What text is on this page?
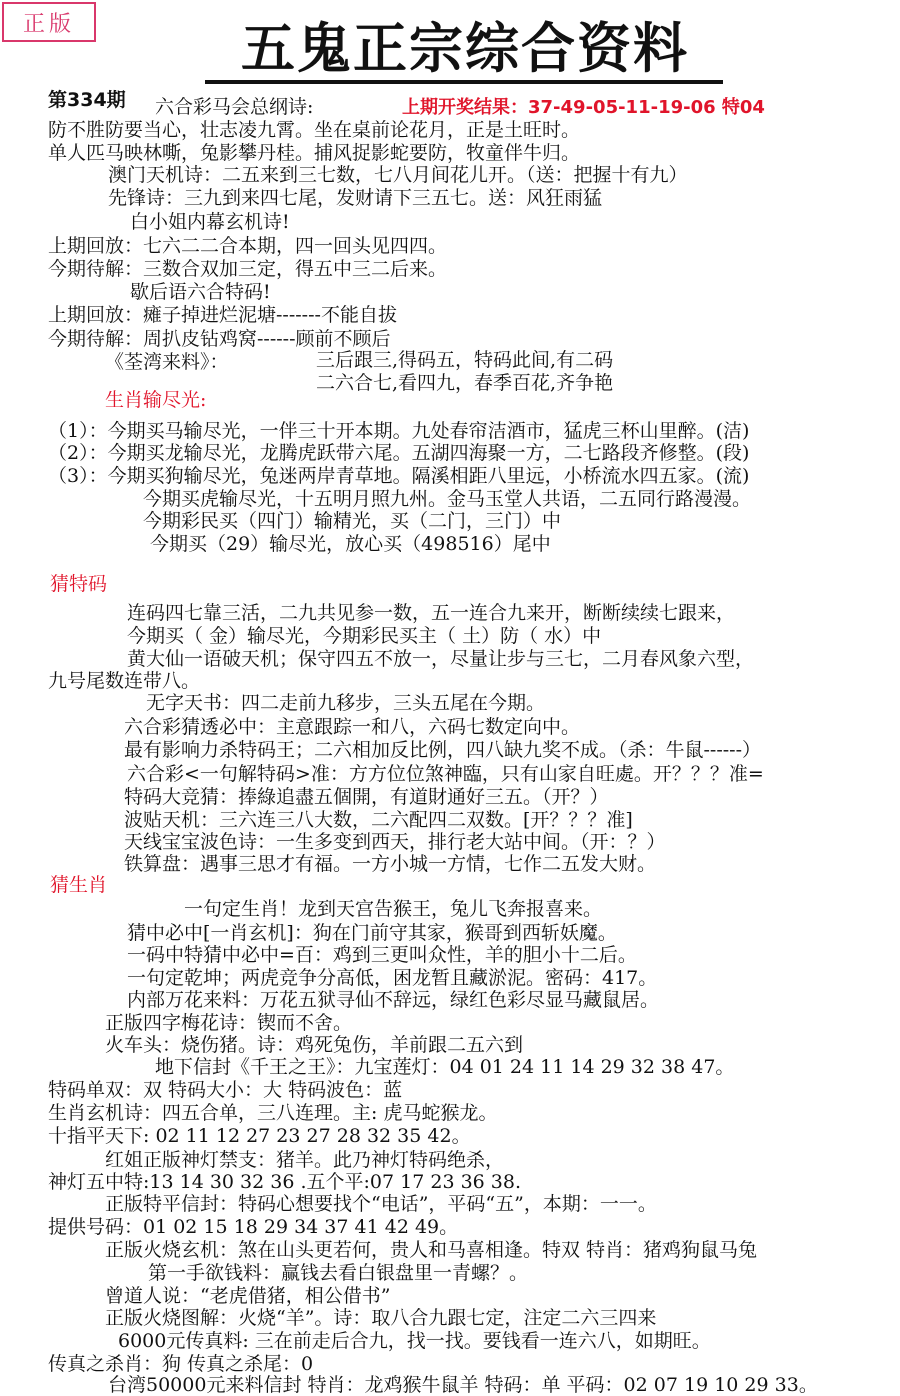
正版	五鬼正宗综合资料
第334期	上期开奖结果：37-49-05-11-19-06 特04
六合彩马会总纲诗:
防不胜防要当心，壮志凌九霄。坐在桌前论花月，正是土旺时。
单人匹马映林嘶，兔影攀丹桂。捕风捉影蛇要防，牧童伴牛归。
澳门天机诗：二五来到三七数，七八月间花儿开。（送：把握十有九）
先锋诗：三九到来四七尾，发财请下三五七。送：风狂雨猛
白小姐内幕玄机诗!
上期回放：七六二二合本期，四一回头见四四。
今期待解：三数合双加三定，得五中三二后来。
歇后语六合特码!
上期回放：瘫子掉进烂泥塘-------不能自拔
今期待解：周扒皮钻鸡窝------顾前不顾后
《荃湾来料》：	三后跟三,得码五，特码此间,有二码
二六合七,看四九，春季百花,齐争艳
生肖输尽光:
（1）：今期买马输尽光，一伴三十开本期。九处春帘洁酒市，猛虎三杯山里醉。(洁)
（2）：今期买龙输尽光，龙腾虎跃带六尾。五湖四海聚一方，二七路段齐修整。(段)
（3）：今期买狗输尽光，兔迷两岸青草地。隔溪相距八里远，小桥流水四五家。(流)
今期买虎输尽光，十五明月照九州。金马玉堂人共语，二五同行路漫漫。
今期彩民买（四门）输精光，买（二门，三门）中
今期买（29）输尽光，放心买（498516）尾中
猜特码
连码四七靠三活，二九共见参一数，五一连合九来开，断断续续七跟来，
今期买（ 金）输尽光，今期彩民买主（ 土）防（ 水）中
黄大仙一语破天机；保守四五不放一，尽量让步与三七，二月春风象六型，
九号尾数连带八。
无字天书：四二走前九移步，三头五尾在今期。
六合彩猜透必中：主意跟踪一和八，六码七数定向中。
最有影响力杀特码王；二六相加反比例，四八缺九奖不成。（杀：牛鼠------）
六合彩<一句解特码>准：方方位位煞神臨，只有山家自旺處。开？？？准=
特码大竞猜：捧綠追盡五個開，有道財通好三五。（开？）
波贴天机：三六连三八大数，二六配四二双数。[开？？？准]
天线宝宝波色诗：一生多变到西天，排行老大站中间。（开：？）
铁算盘：遇事三思才有福。一方小城一方情，七作二五发大财。
猜生肖
一句定生肖！龙到天宫告猴王，兔儿飞奔报喜来。
猜中必中[一肖玄机]：狗在门前守其家，猴哥到西斩妖魔。
一码中特猜中必中=百：鸡到三更叫众性，羊的胆小十二后。
一句定乾坤；两虎竞争分高低，困龙暂且藏淤泥。密码：417。
内部万花来料：万花五狱寻仙不辞远，绿红色彩尽显马藏鼠居。
正版四字梅花诗：锲而不舍。
火车头：烧伤猪。诗：鸡死兔伤，羊前跟二五六到
地下信封《千王之王》：九宝莲灯：04 01 24 11 14 29 32 38 47。
特码单双：双 特码大小：大 特码波色：蓝
生肖玄机诗：四五合单，三八连理。主: 虎马蛇猴龙。
十指平天下: 02 11 12 27 23 27 28 32 35 42。
红姐正版神灯禁支：猪羊。此乃神灯特码绝杀，
神灯五中特:13 14 30 32 36 .五个平:07 17 23 36 38.
正版特平信封：特码心想要找个“电话”，平码“五”，本期：一一。
提供号码：01 02 15 18 29 34 37 41 42 49。
正版火烧玄机：煞在山头更若何，贵人和马喜相逢。特双 特肖：猪鸡狗鼠马兔
第一手欲钱料：赢钱去看白银盘里一青螺？。
曾道人说：“老虎借猪，相公借书”
正版火烧图解：火烧“羊”。诗：取八合九跟七定，注定二六三四来
6000元传真料: 三在前走后合九，找一找。要钱看一连六八，如期旺。
传真之杀肖：狗 传真之杀尾：0
台湾50000元来料信封 特肖：龙鸡猴牛鼠羊 特码：单 平码：02 07 19 10 29 33。
